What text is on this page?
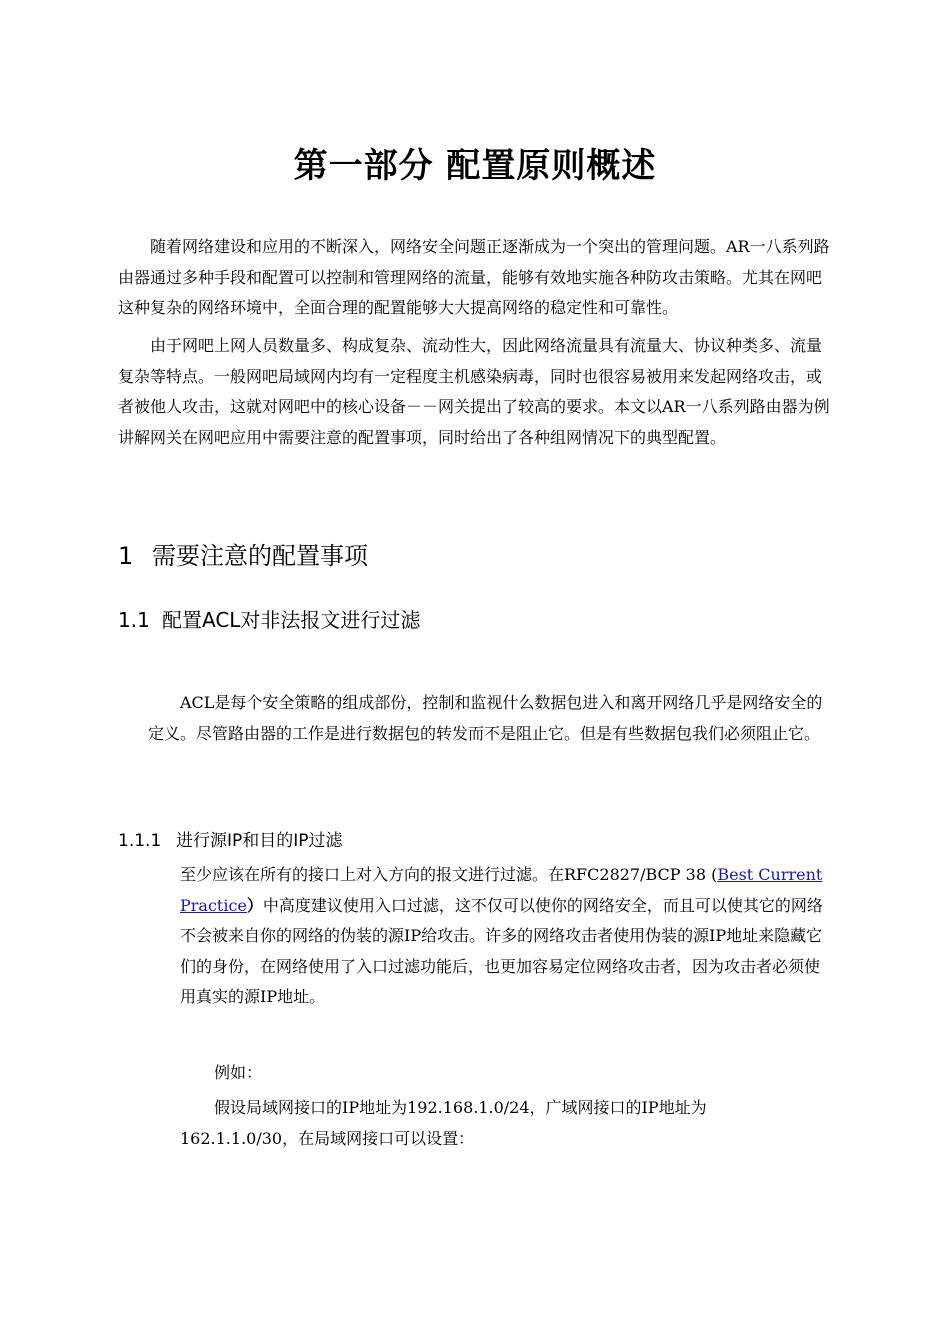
第一部分 配置原则概述

随着网络建设和应用的不断深入，网络安全问题正逐渐成为一个突出的管理问题。AR一八系列路由器通过多种手段和配置可以控制和管理网络的流量，能够有效地实施各种防攻击策略。尤其在网吧这种复杂的网络环境中，全面合理的配置能够大大提高网络的稳定性和可靠性。

由于网吧上网人员数量多、构成复杂、流动性大，因此网络流量具有流量大、协议种类多、流量复杂等特点。一般网吧局域网内均有一定程度主机感染病毒，同时也很容易被用来发起网络攻击，或者被他人攻击，这就对网吧中的核心设备－－网关提出了较高的要求。本文以AR一八系列路由器为例讲解网关在网吧应用中需要注意的配置事项，同时给出了各种组网情况下的典型配置。

1 需要注意的配置事项
1.1 配置ACL对非法报文进行过滤

ACL是每个安全策略的组成部份，控制和监视什么数据包进入和离开网络几乎是网络安全的定义。尽管路由器的工作是进行数据包的转发而不是阻止它。但是有些数据包我们必须阻止它。

1.1.1 进行源IP和目的IP过滤

至少应该在所有的接口上对入方向的报文进行过滤。在RFC2827/BCP 38 (Best Current Practice）中高度建议使用入口过滤，这不仅可以使你的网络安全，而且可以使其它的网络不会被来自你的网络的伪装的源IP给攻击。许多的网络攻击者使用伪装的源IP地址来隐藏它们的身份，在网络使用了入口过滤功能后，也更加容易定位网络攻击者，因为攻击者必须使用真实的源IP地址。

例如：

假设局域网接口的IP地址为192.168.1.0/24，广域网接口的IP地址为

162.1.1.0/30，在局域网接口可以设置：
